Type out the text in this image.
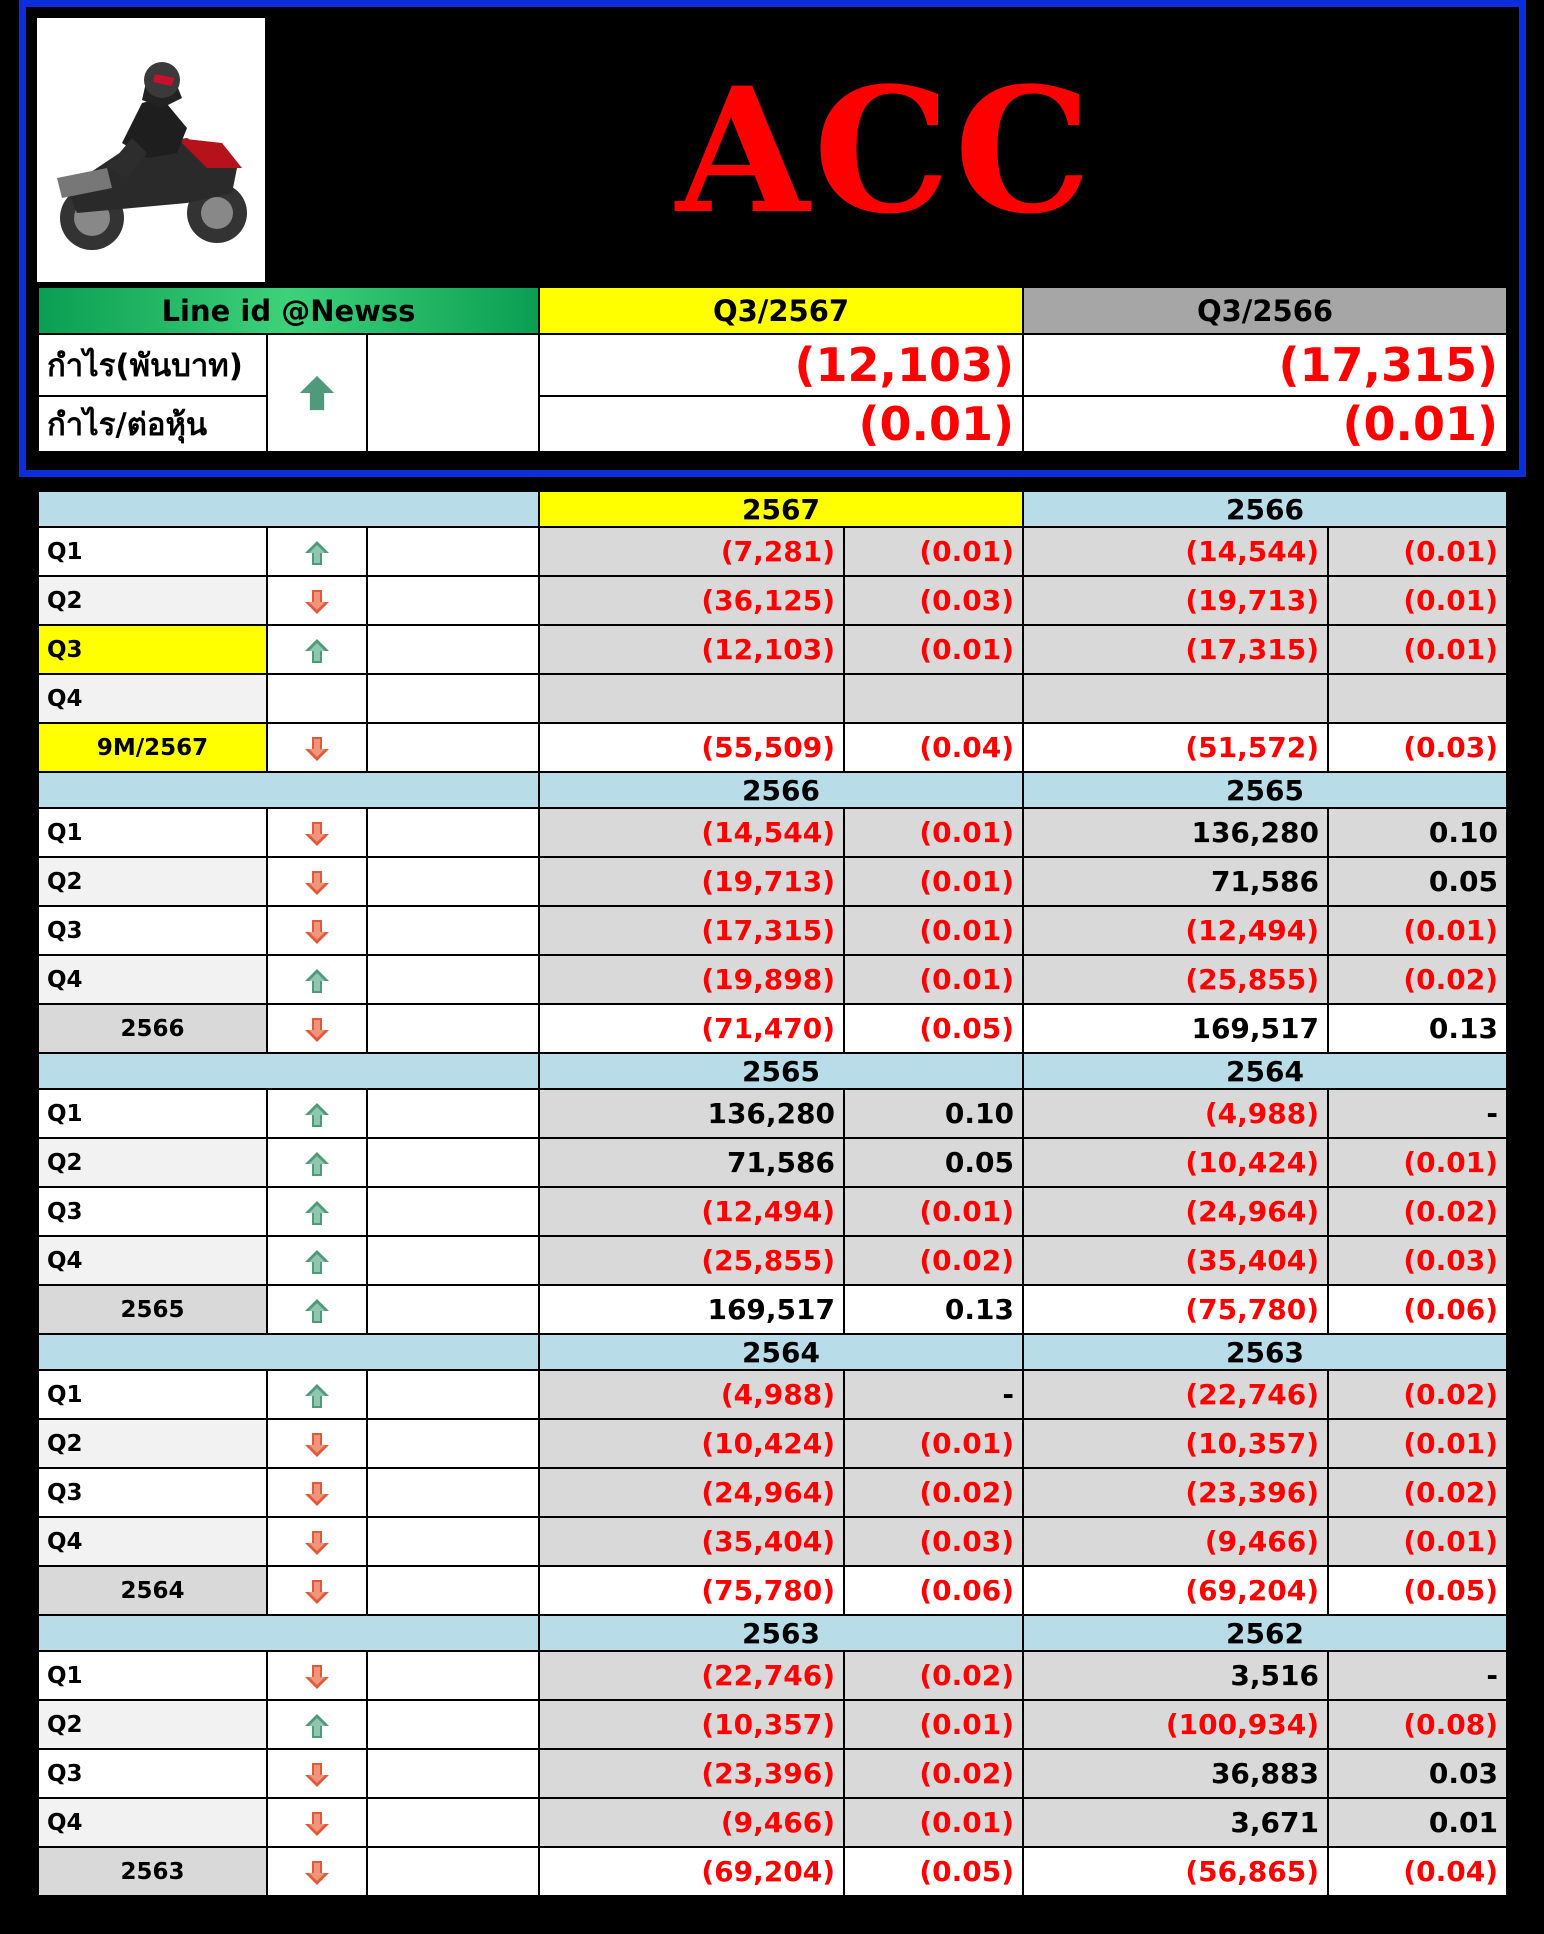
ACC
Line id @Newss			Q3/2567	Q3/2566
กำไร(พันบาท)			(12,103)	(17,315)
กำไร/ต่อหุ้น			(0.01)	(0.01)
			2567		2566	
Q1			(7,281)	(0.01)	(14,544)	(0.01)
Q2			(36,125)	(0.03)	(19,713)	(0.01)
Q3			(12,103)	(0.01)	(17,315)	(0.01)
Q4						
9M/2567			(55,509)	(0.04)	(51,572)	(0.03)
			2566		2565	
Q1			(14,544)	(0.01)	136,280	0.10
Q2			(19,713)	(0.01)	71,586	0.05
Q3			(17,315)	(0.01)	(12,494)	(0.01)
Q4			(19,898)	(0.01)	(25,855)	(0.02)
2566			(71,470)	(0.05)	169,517	0.13
			2565		2564	
Q1			136,280	0.10	(4,988)	-
Q2			71,586	0.05	(10,424)	(0.01)
Q3			(12,494)	(0.01)	(24,964)	(0.02)
Q4			(25,855)	(0.02)	(35,404)	(0.03)
2565			169,517	0.13	(75,780)	(0.06)
			2564		2563	
Q1			(4,988)	-	(22,746)	(0.02)
Q2			(10,424)	(0.01)	(10,357)	(0.01)
Q3			(24,964)	(0.02)	(23,396)	(0.02)
Q4			(35,404)	(0.03)	(9,466)	(0.01)
2564			(75,780)	(0.06)	(69,204)	(0.05)
			2563		2562	
Q1			(22,746)	(0.02)	3,516	-
Q2			(10,357)	(0.01)	(100,934)	(0.08)
Q3			(23,396)	(0.02)	36,883	0.03
Q4			(9,466)	(0.01)	3,671	0.01
2563			(69,204)	(0.05)	(56,865)	(0.04)
